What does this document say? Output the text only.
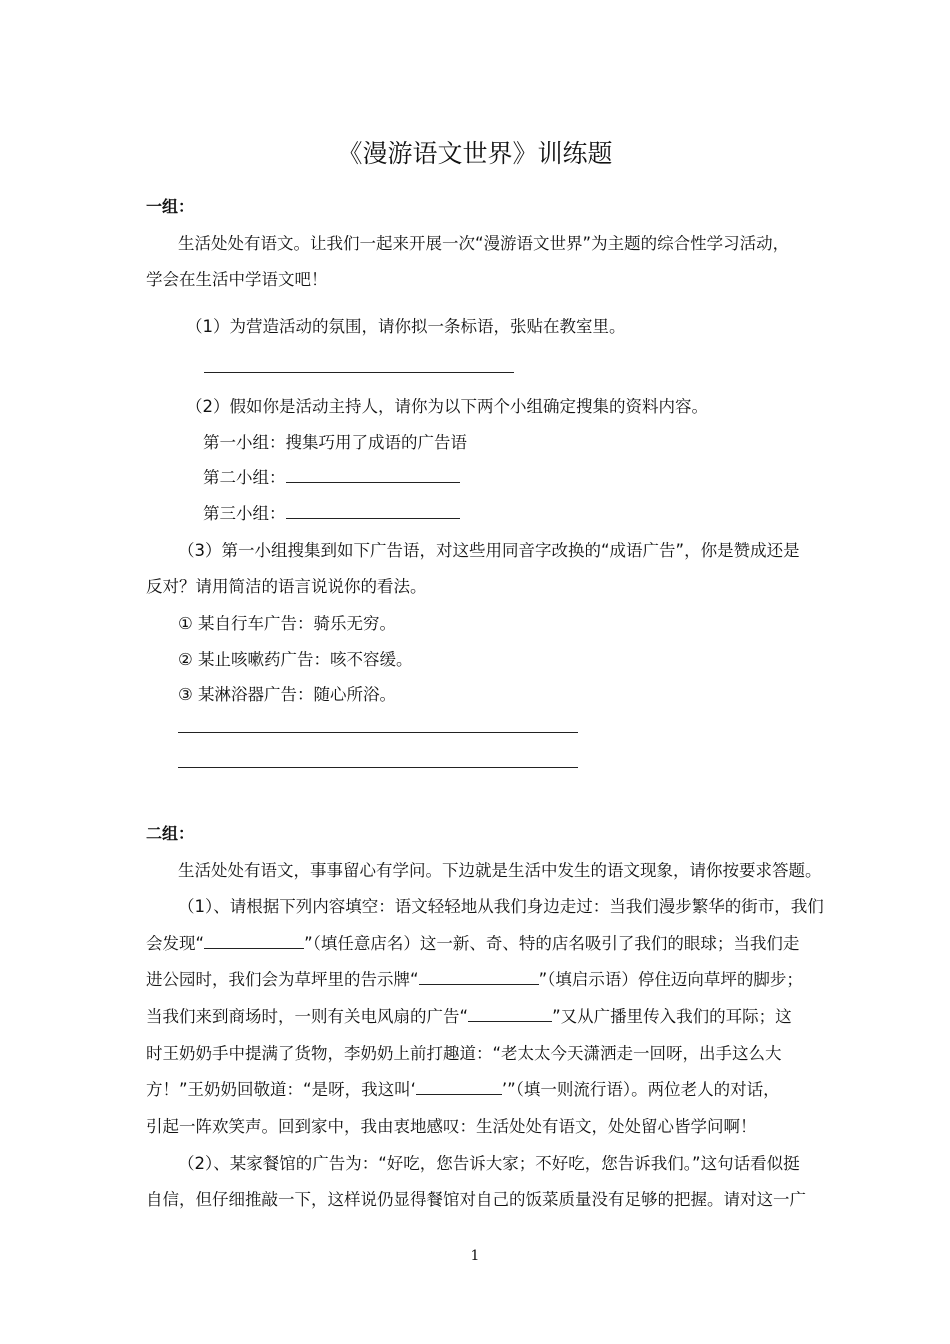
《漫游语文世界》训练题
一组：
生活处处有语文。让我们一起来开展一次“漫游语文世界”为主题的综合性学习活动，
学会在生活中学语文吧！
（1）为营造活动的氛围，请你拟一条标语，张贴在教室里。
（2）假如你是活动主持人，请你为以下两个小组确定搜集的资料内容。
第一小组：搜集巧用了成语的广告语
第二小组：
第三小组：
（3）第一小组搜集到如下广告语，对这些用同音字改换的“成语广告”，你是赞成还是
反对？请用简洁的语言说说你的看法。
① 某自行车广告：骑乐无穷。
② 某止咳嗽药广告：咳不容缓。
③ 某淋浴器广告：随心所浴。
二组：
生活处处有语文，事事留心有学问。下边就是生活中发生的语文现象，请你按要求答题。
（1）、请根据下列内容填空：语文轻轻地从我们身边走过：当我们漫步繁华的街市，我们
会发现“	”（填任意店名）这一新、奇、特的店名吸引了我们的眼球；当我们走
进公园时，我们会为草坪里的告示牌“	”（填启示语）停住迈向草坪的脚步；
当我们来到商场时，一则有关电风扇的广告“	”又从广播里传入我们的耳际；这
时王奶奶手中提满了货物，李奶奶上前打趣道：“老太太今天潇洒走一回呀，出手这么大
方！”王奶奶回敬道：“是呀，我这叫‘	’”（填一则流行语）。两位老人的对话，
引起一阵欢笑声。回到家中，我由衷地感叹：生活处处有语文，处处留心皆学问啊！
（2）、某家餐馆的广告为：“好吃，您告诉大家；不好吃，您告诉我们。”这句话看似挺
自信，但仔细推敲一下，这样说仍显得餐馆对自己的饭菜质量没有足够的把握。请对这一广
1
